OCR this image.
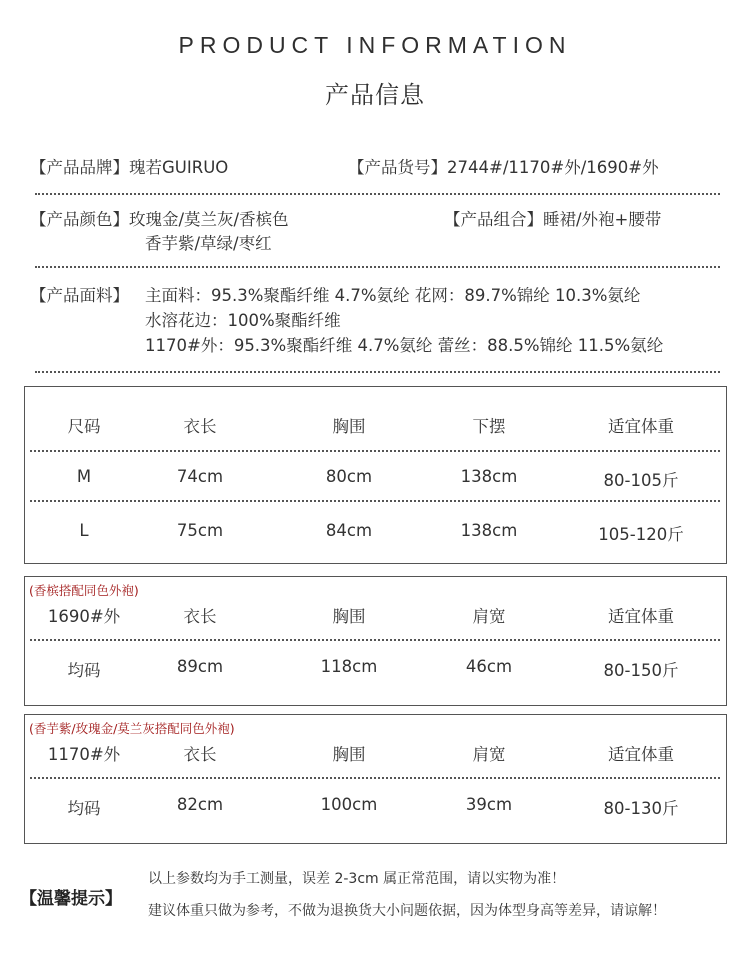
PRODUCT INFORMATION
产品信息
【产品品牌】瑰若GUIRUO	【产品货号】2744#/1170#外/1690#外
【产品颜色】玫瑰金/莫兰灰/香槟色
香芋紫/草绿/枣红
【产品组合】睡裙/外袍+腰带
【产品面料】 主面料：95.3%聚酯纤维 4.7%氨纶 花网：89.7%锦纶 10.3%氨纶
水溶花边：100%聚酯纤维
1170#外：95.3%聚酯纤维 4.7%氨纶 蕾丝：88.5%锦纶 11.5%氨纶
尺码	衣长	胸围	下摆	适宜体重
M	74cm	80cm	138cm	80-105斤
L	75cm	84cm	138cm	105-120斤
(香槟搭配同色外袍)
1690#外	衣长	胸围	肩宽	适宜体重
均码	89cm	118cm	46cm	80-150斤
(香芋紫/玫瑰金/莫兰灰搭配同色外袍)
1170#外	衣长	胸围	肩宽	适宜体重
均码	82cm	100cm	39cm	80-130斤
【温馨提示】
以上参数均为手工测量，误差 2-3cm 属正常范围，请以实物为准！
建议体重只做为参考，不做为退换货大小问题依据，因为体型身高等差异，请谅解！
